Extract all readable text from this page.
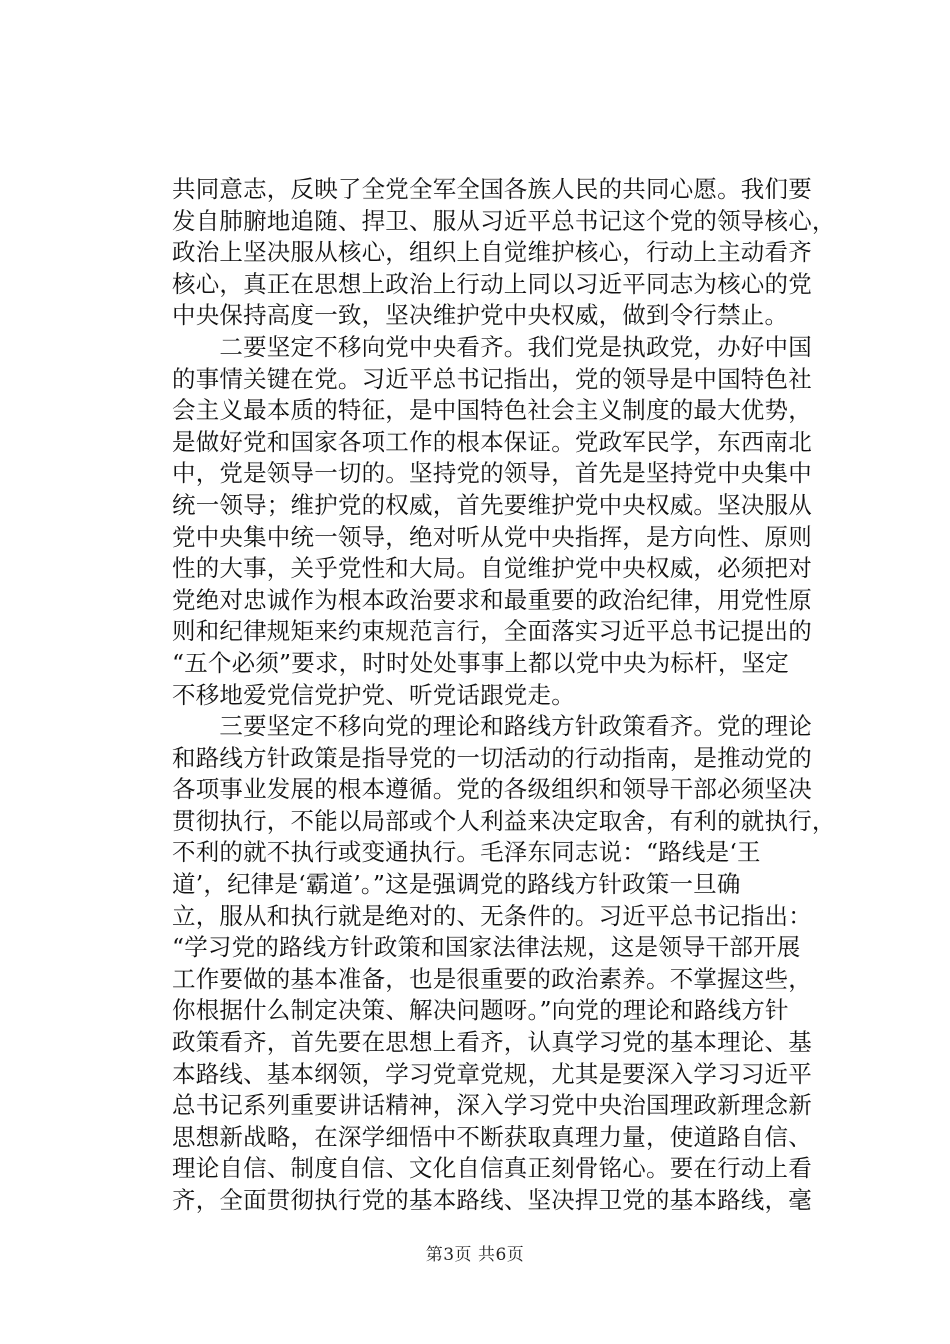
共同意志，反映了全党全军全国各族人民的共同心愿。我们要
发自肺腑地追随、捍卫、服从习近平总书记这个党的领导核心，
政治上坚决服从核心，组织上自觉维护核心，行动上主动看齐
核心，真正在思想上政治上行动上同以习近平同志为核心的党
中央保持高度一致，坚决维护党中央权威，做到令行禁止。
　　二要坚定不移向党中央看齐。我们党是执政党，办好中国
的事情关键在党。习近平总书记指出，党的领导是中国特色社
会主义最本质的特征，是中国特色社会主义制度的最大优势，
是做好党和国家各项工作的根本保证。党政军民学，东西南北
中，党是领导一切的。坚持党的领导，首先是坚持党中央集中
统一领导；维护党的权威，首先要维护党中央权威。坚决服从
党中央集中统一领导，绝对听从党中央指挥，是方向性、原则
性的大事，关乎党性和大局。自觉维护党中央权威，必须把对
党绝对忠诚作为根本政治要求和最重要的政治纪律，用党性原
则和纪律规矩来约束规范言行，全面落实习近平总书记提出的
“五个必须”要求，时时处处事事上都以党中央为标杆，坚定
不移地爱党信党护党、听党话跟党走。
　　三要坚定不移向党的理论和路线方针政策看齐。党的理论
和路线方针政策是指导党的一切活动的行动指南，是推动党的
各项事业发展的根本遵循。党的各级组织和领导干部必须坚决
贯彻执行，不能以局部或个人利益来决定取舍，有利的就执行，
不利的就不执行或变通执行。毛泽东同志说：“路线是‘王
道’，纪律是‘霸道’。”这是强调党的路线方针政策一旦确
立，服从和执行就是绝对的、无条件的。习近平总书记指出：
“学习党的路线方针政策和国家法律法规，这是领导干部开展
工作要做的基本准备，也是很重要的政治素养。不掌握这些，
你根据什么制定决策、解决问题呀。”向党的理论和路线方针
政策看齐，首先要在思想上看齐，认真学习党的基本理论、基
本路线、基本纲领，学习党章党规，尤其是要深入学习习近平
总书记系列重要讲话精神，深入学习党中央治国理政新理念新
思想新战略，在深学细悟中不断获取真理力量，使道路自信、
理论自信、制度自信、文化自信真正刻骨铭心。要在行动上看
齐，全面贯彻执行党的基本路线、坚决捍卫党的基本路线，毫
第3页 共6页
